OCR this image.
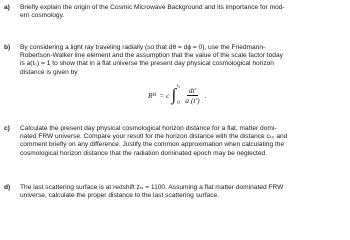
a)	Briefly explain the origin of the Cosmic Microwave Background and its importance for mod-
ern cosmology.
b)	By considering a light ray traveling radially (so that dθ = dϕ = 0), use the Friedmann-
Robertson-Walker line element and the assumption that the value of the scale factor today
is a(t₀) = 1 to show that in a flat universe the present day physical cosmological horizon
distance is given by
R H = c ∫ t₀
$0 \frac{dt'}{a (t')}$ .
c)	Calculate the present day physical cosmological horizon distance for a flat, matter domi-
nated FRW universe. Compare your result for the horizon distance with the distance cₜ₀ and
comment briefly on any difference. Justify the common approximation when calculating the
cosmological horizon distance that the radiation dominated epoch may be neglected.
d)	The last scattering surface is at redshift zₗₛ = 1100. Assuming a flat matter dominated FRW
universe, calculate the proper distance to the last scattering surface.
